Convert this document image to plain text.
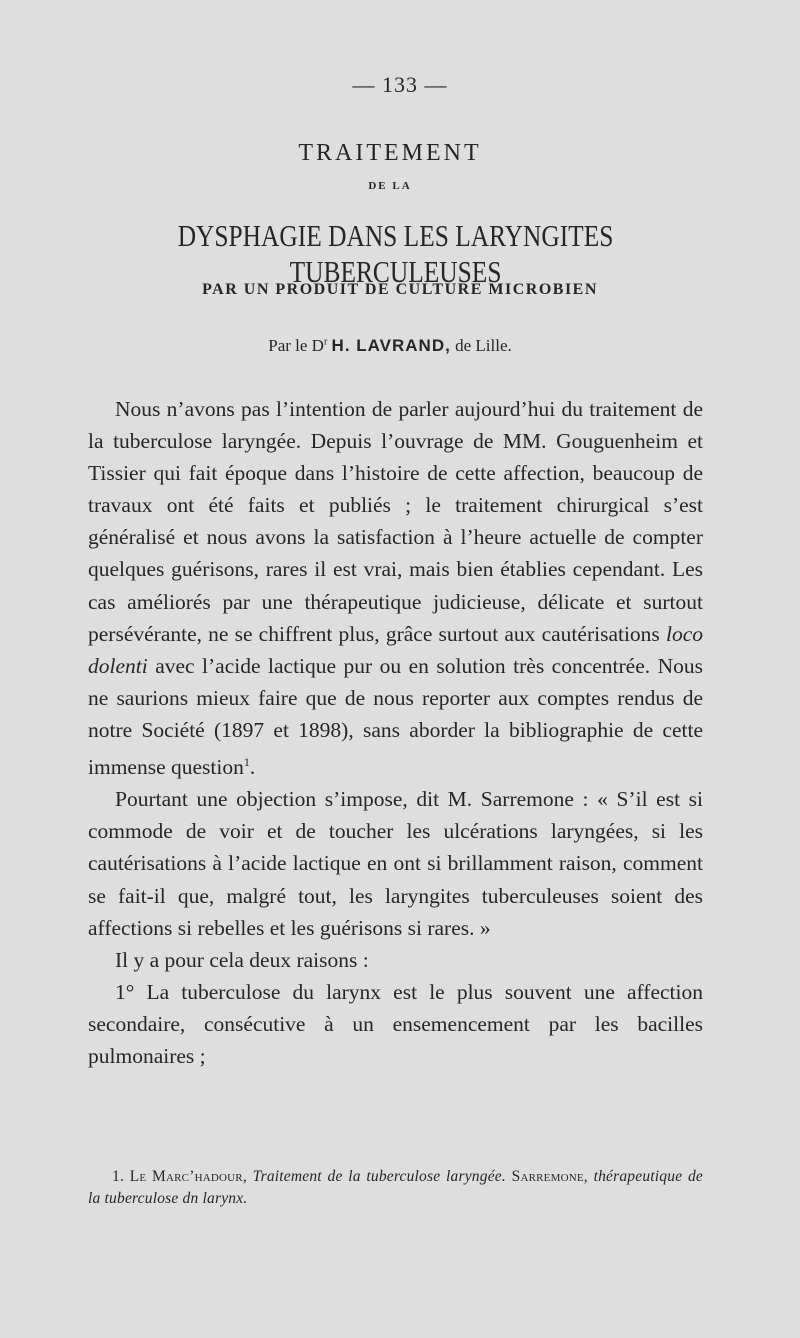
— 133 —
TRAITEMENT
DE LA
DYSPHAGIE DANS LES LARYNGITES TUBERCULEUSES
PAR UN PRODUIT DE CULTURE MICROBIEN
Par le $D^r$ H. LAVRAND, de Lille.

Nous n’avons pas l’intention de parler aujourd’hui du traitement de la tuberculose laryngée. Depuis l’ouvrage de MM. Gouguenheim et Tissier qui fait époque dans l’histoire de cette affection, beaucoup de travaux ont été faits et publiés ; le traitement chirurgical s’est généralisé et nous avons la satisfaction à l’heure actuelle de compter quelques guérisons, rares il est vrai, mais bien établies cependant. Les cas améliorés par une thérapeutique judicieuse, délicate et surtout persévérante, ne se chiffrent plus, grâce surtout aux cautérisations loco dolenti avec l’acide lactique pur ou en solution très concentrée. Nous ne saurions mieux faire que de nous reporter aux comptes rendus de notre Société (1897 et 1898), sans aborder la bibliographie de cette immense question$^1$.

Pourtant une objection s’impose, dit M. Sarremone : « S’il est si commode de voir et de toucher les ulcérations laryngées, si les cautérisations à l’acide lactique en ont si brillamment raison, comment se fait-il que, malgré tout, les laryngites tuberculeuses soient des affections si rebelles et les guérisons si rares. »

Il y a pour cela deux raisons :

1° La tuberculose du larynx est le plus souvent une affection secondaire, consécutive à un ensemencement par les bacilles pulmonaires ;

1. Le Marc’hadour, Traitement de la tuberculose laryngée. Sarremone, thérapeutique de la tuberculose dn larynx.
